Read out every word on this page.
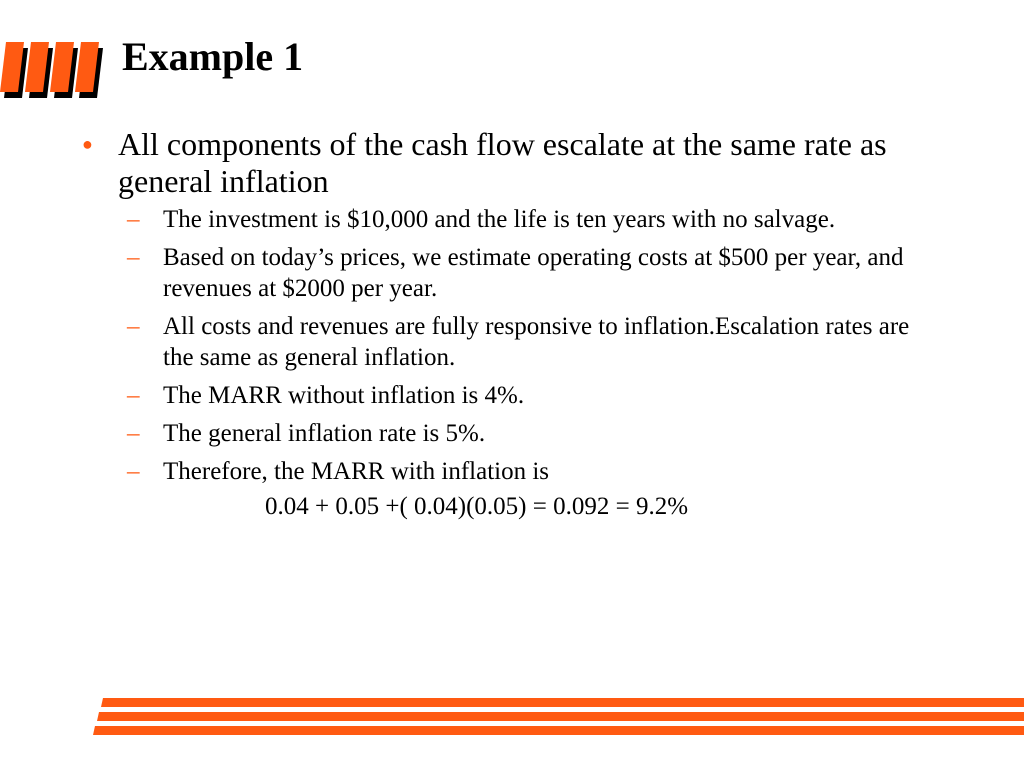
Example 1
● All components of the cash flow escalate at the same rate as general inflation
– The investment is $10,000 and the life is ten years with no salvage.
– Based on today’s prices, we estimate operating costs at $500 per year, and revenues at $2000 per year.
– All costs and revenues are fully responsive to inflation.Escalation rates are the same as general inflation.
– The MARR without inflation is 4%.
– The general inflation rate is 5%.
– Therefore, the MARR with inflation is
0.04 + 0.05 +( 0.04)(0.05) = 0.092 = 9.2%
